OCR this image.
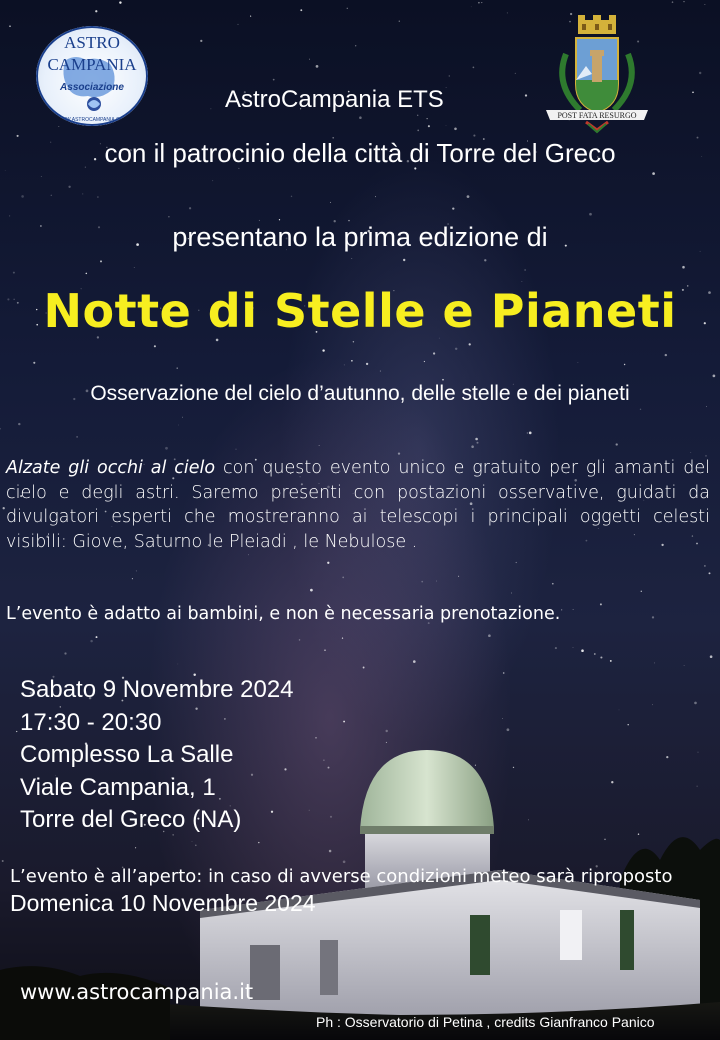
ASTRO
CAMPANIA
Associazione
WWW.ASTROCAMPANIA.ORG	POST FATA RESURGO
AstroCampania ETS
con il patrocinio della città di Torre del Greco
presentano la prima edizione di
Notte di Stelle e Pianeti
Osservazione del cielo d’autunno, delle stelle e dei pianeti
Alzate gli occhi al cielo con questo evento unico e gratuito per gli amanti del cielo e degli astri. Saremo presenti con postazioni osservative, guidati da divulgatori esperti che mostreranno ai telescopi i principali oggetti celesti visibili: Giove, Saturno le Pleiadi , le Nebulose .
L’evento è adatto ai bambini, e non è necessaria prenotazione.
Sabato 9 Novembre 2024
17:30 - 20:30
Complesso La Salle
Viale Campania, 1
Torre del Greco (NA)
L’evento è all’aperto: in caso di avverse condizioni meteo sarà riproposto
Domenica 10 Novembre 2024
www.astrocampania.it
Ph : Osservatorio di Petina , credits Gianfranco Panico
